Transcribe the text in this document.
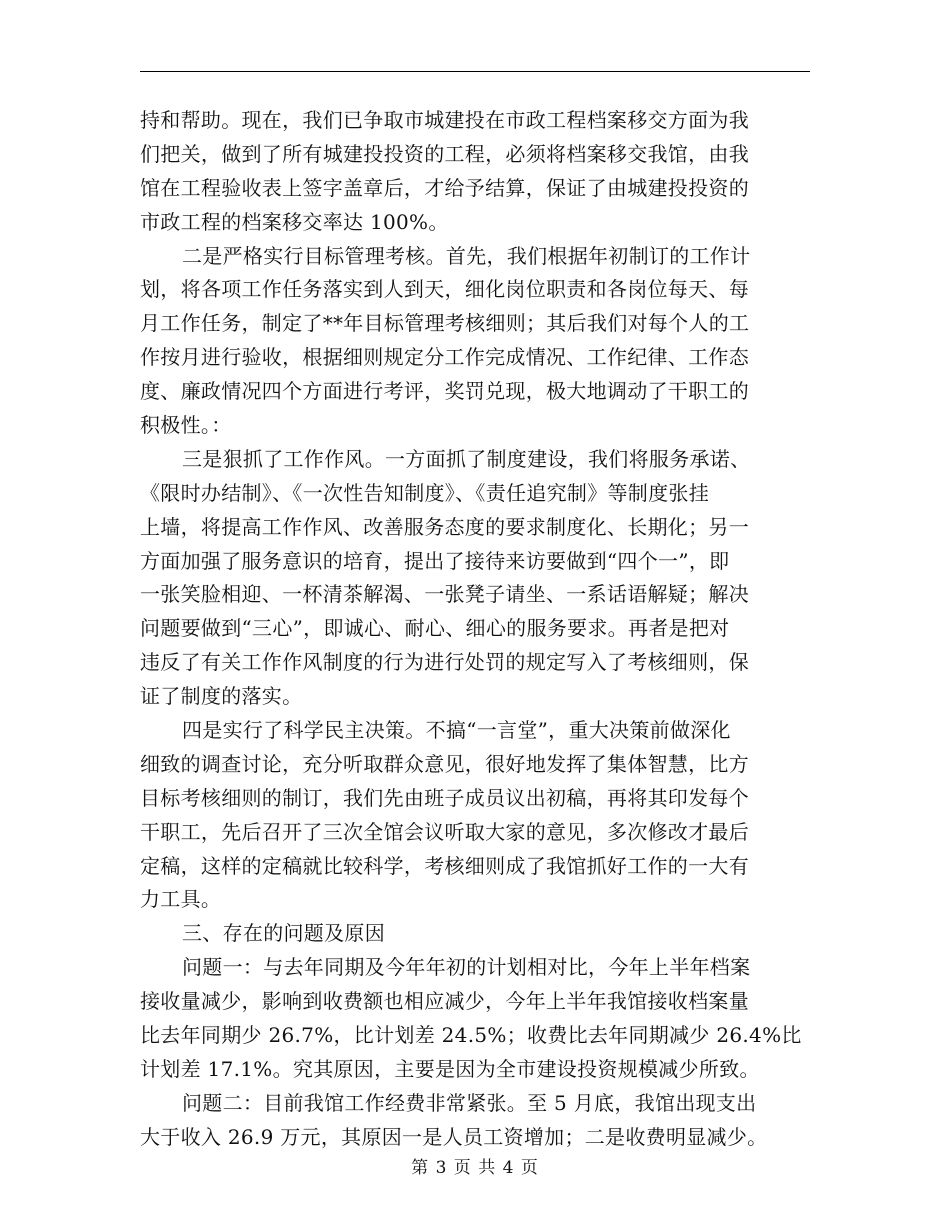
持和帮助。现在，我们已争取市城建投在市政工程档案移交方面为我
们把关，做到了所有城建投投资的工程，必须将档案移交我馆，由我
馆在工程验收表上签字盖章后，才给予结算，保证了由城建投投资的
市政工程的档案移交率达 100%。
二是严格实行目标管理考核。首先，我们根据年初制订的工作计
划，将各项工作任务落实到人到天，细化岗位职责和各岗位每天、每
月工作任务，制定了**年目标管理考核细则；其后我们对每个人的工
作按月进行验收，根据细则规定分工作完成情况、工作纪律、工作态
度、廉政情况四个方面进行考评，奖罚兑现，极大地调动了干职工的
积极性。：
三是狠抓了工作作风。一方面抓了制度建设，我们将服务承诺、
《限时办结制》、《一次性告知制度》、《责任追究制》等制度张挂
上墙，将提高工作作风、改善服务态度的要求制度化、长期化；另一
方面加强了服务意识的培育，提出了接待来访要做到“四个一”，即
一张笑脸相迎、一杯清茶解渴、一张凳子请坐、一系话语解疑；解决
问题要做到“三心”，即诚心、耐心、细心的服务要求。再者是把对
违反了有关工作作风制度的行为进行处罚的规定写入了考核细则，保
证了制度的落实。
四是实行了科学民主决策。不搞“一言堂”，重大决策前做深化
细致的调查讨论，充分听取群众意见，很好地发挥了集体智慧，比方
目标考核细则的制订，我们先由班子成员议出初稿，再将其印发每个
干职工，先后召开了三次全馆会议听取大家的意见，多次修改才最后
定稿，这样的定稿就比较科学，考核细则成了我馆抓好工作的一大有
力工具。
三、存在的问题及原因
问题一：与去年同期及今年年初的计划相对比，今年上半年档案
接收量减少，影响到收费额也相应减少，今年上半年我馆接收档案量
比去年同期少 26.7%，比计划差 24.5%；收费比去年同期减少 26.4%比
计划差 17.1%。究其原因，主要是因为全市建设投资规模减少所致。
问题二：目前我馆工作经费非常紧张。至 5 月底，我馆出现支出
大于收入 26.9 万元，其原因一是人员工资增加；二是收费明显减少。
第 3 页 共 4 页
